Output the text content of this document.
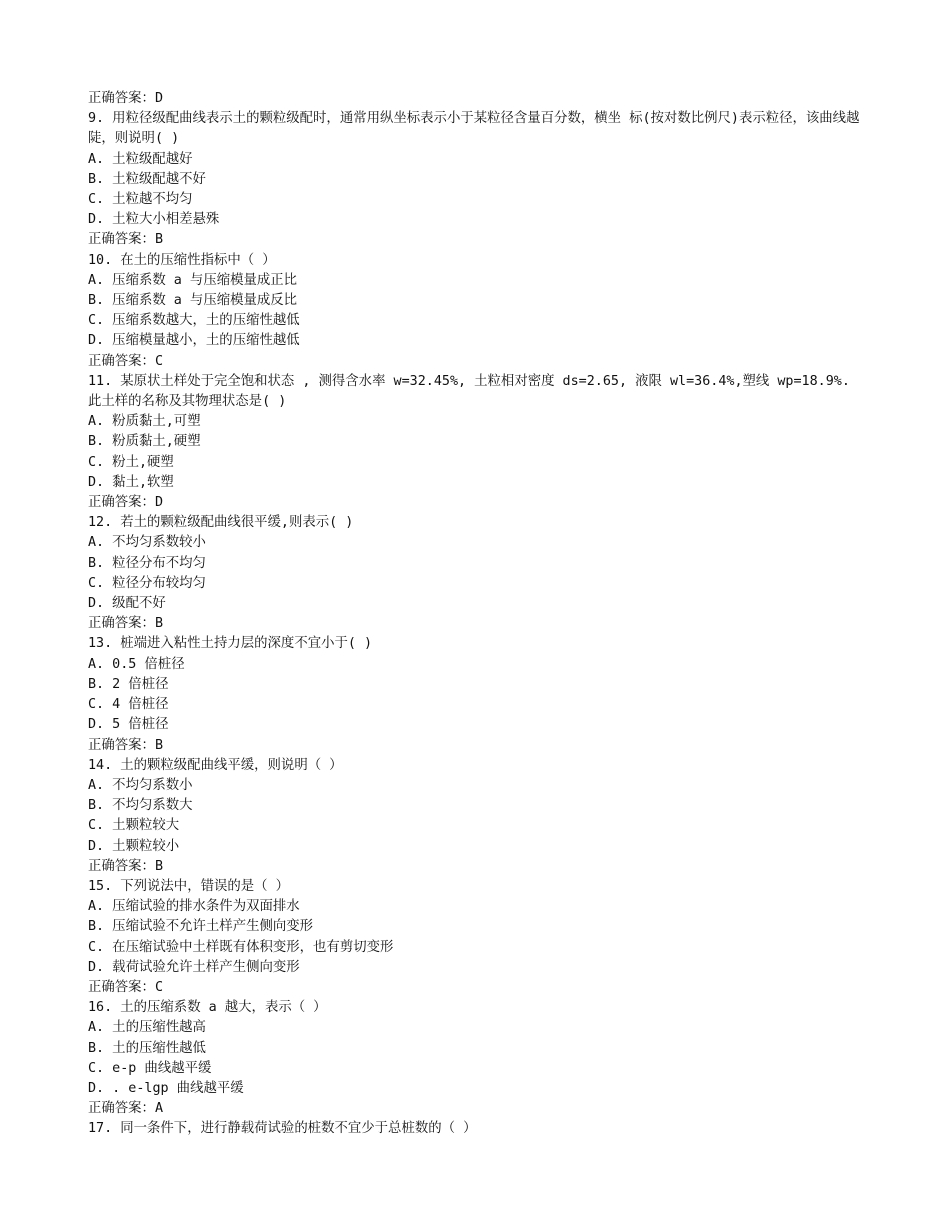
正确答案：D
9. 用粒径级配曲线表示土的颗粒级配时，通常用纵坐标表示小于某粒径含量百分数，横坐 标(按对数比例尺)表示粒径，该曲线越陡，则说明( )
A. 土粒级配越好
B. 土粒级配越不好
C. 土粒越不均匀
D. 土粒大小相差悬殊
正确答案：B
10. 在土的压缩性指标中（ ）
A. 压缩系数 a 与压缩模量成正比
B. 压缩系数 a 与压缩模量成反比
C. 压缩系数越大，土的压缩性越低
D. 压缩模量越小，土的压缩性越低
正确答案：C
11. 某原状土样处于完全饱和状态 , 测得含水率 w=32.45%, 土粒相对密度 ds=2.65, 液限 wl=36.4%,塑线 wp=18.9%.此土样的名称及其物理状态是( )
A. 粉质黏土,可塑
B. 粉质黏土,硬塑
C. 粉土,硬塑
D. 黏土,软塑
正确答案：D
12. 若土的颗粒级配曲线很平缓,则表示( )
A. 不均匀系数较小
B. 粒径分布不均匀
C. 粒径分布较均匀
D. 级配不好
正确答案：B
13. 桩端进入粘性土持力层的深度不宜小于( )
A. 0.5 倍桩径
B. 2 倍桩径
C. 4 倍桩径
D. 5 倍桩径
正确答案：B
14. 土的颗粒级配曲线平缓，则说明（ ）
A. 不均匀系数小
B. 不均匀系数大
C. 土颗粒较大
D. 土颗粒较小
正确答案：B
15. 下列说法中，错误的是（ ）
A. 压缩试验的排水条件为双面排水
B. 压缩试验不允许土样产生侧向变形
C. 在压缩试验中土样既有体积变形，也有剪切变形
D. 载荷试验允许土样产生侧向变形
正确答案：C
16. 土的压缩系数 a 越大，表示（ ）
A. 土的压缩性越高
B. 土的压缩性越低
C. e-p 曲线越平缓
D. . e-lgp 曲线越平缓
正确答案：A
17. 同一条件下，进行静载荷试验的桩数不宜少于总桩数的（ ）
